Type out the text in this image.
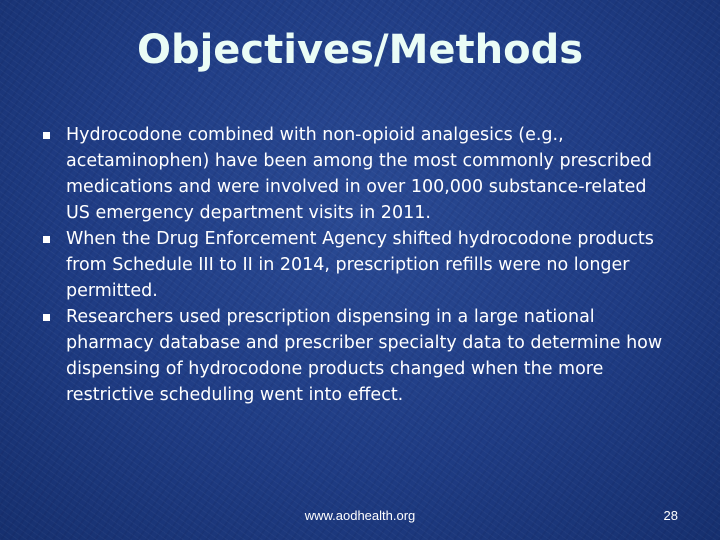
Objectives/Methods
Hydrocodone combined with non-opioid analgesics (e.g., acetaminophen) have been among the most commonly prescribed medications and were involved in over 100,000 substance-related US emergency department visits in 2011.
When the Drug Enforcement Agency shifted hydrocodone products from Schedule III to II in 2014, prescription refills were no longer permitted.
Researchers used prescription dispensing in a large national pharmacy database and prescriber specialty data to determine how dispensing of hydrocodone products changed when the more restrictive scheduling went into effect.
www.aodhealth.org	28
